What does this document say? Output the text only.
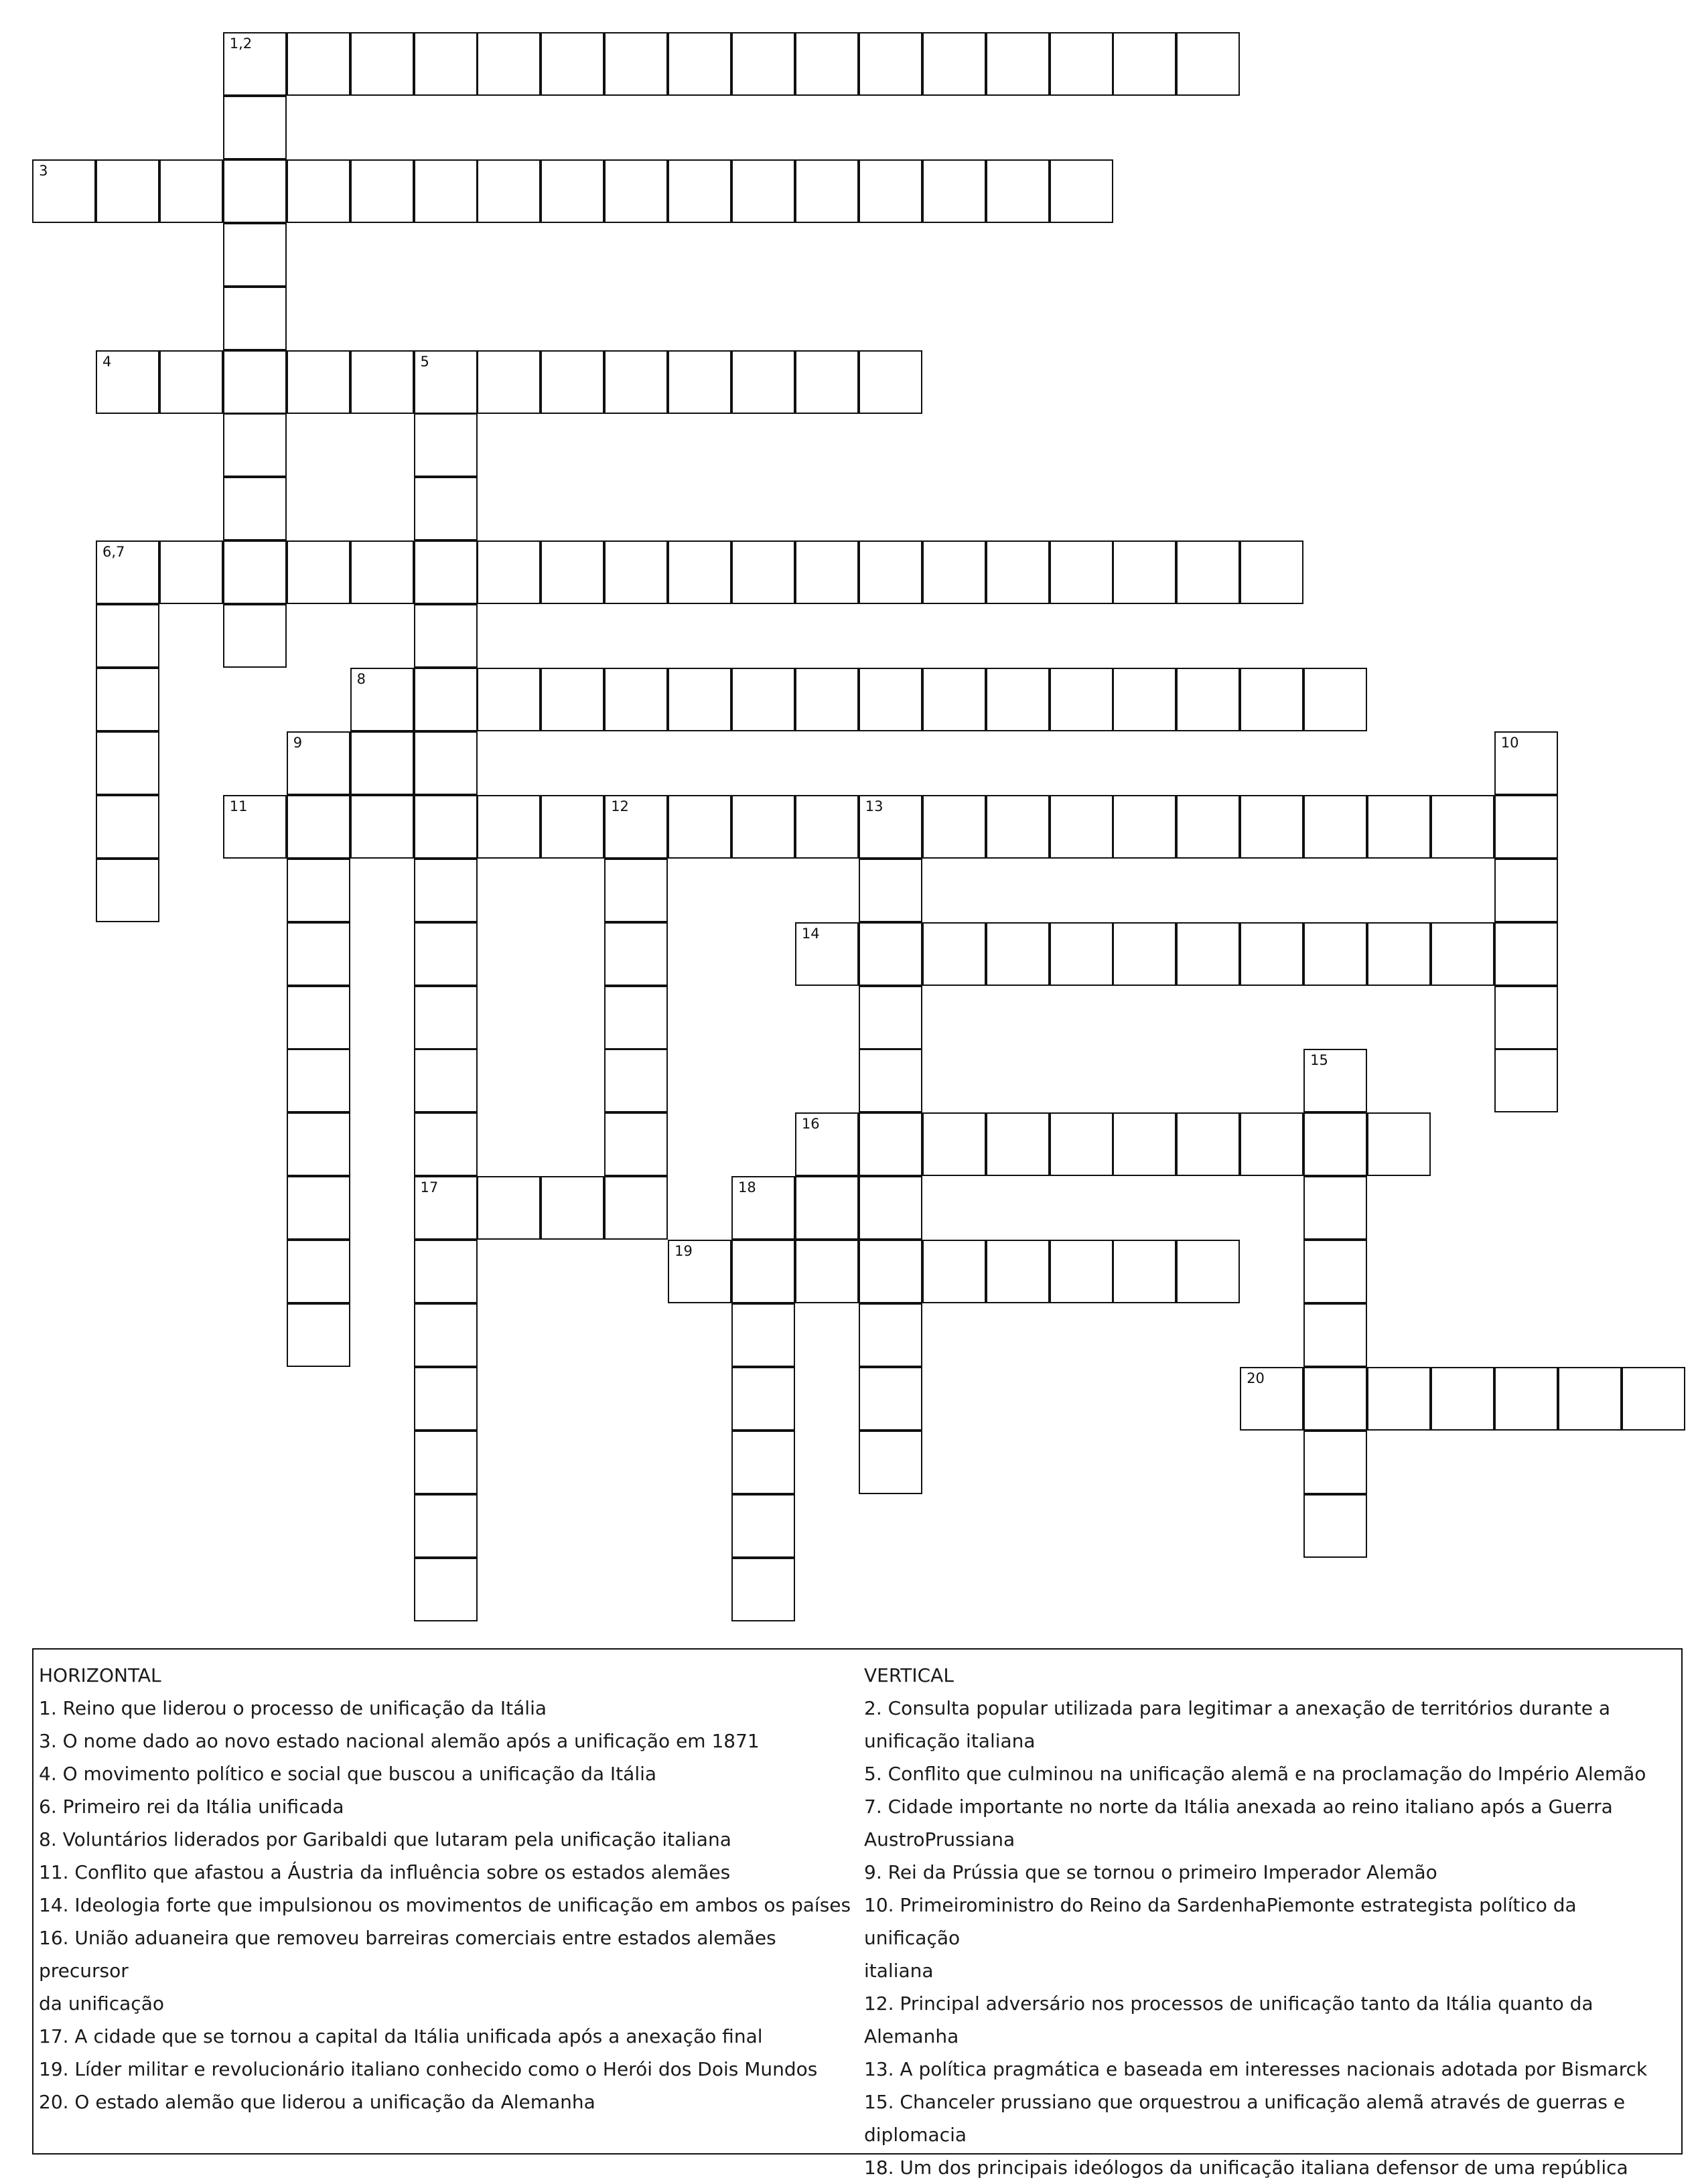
1,2
3
4	5
6,7
8
9	10
11	12	13
14
15
16
17	18
19
20

HORIZONTAL

1. Reino que liderou o processo de unificação da Itália

3. O nome dado ao novo estado nacional alemão após a unificação em 1871

4. O movimento político e social que buscou a unificação da Itália

6. Primeiro rei da Itália unificada

8. Voluntários liderados por Garibaldi que lutaram pela unificação italiana

11. Conflito que afastou a Áustria da influência sobre os estados alemães

14. Ideologia forte que impulsionou os movimentos de unificação em ambos os países

16. União aduaneira que removeu barreiras comerciais entre estados alemães precursor

da unificação

17. A cidade que se tornou a capital da Itália unificada após a anexação final

19. Líder militar e revolucionário italiano conhecido como o Herói dos Dois Mundos

20. O estado alemão que liderou a unificação da Alemanha

VERTICAL

2. Consulta popular utilizada para legitimar a anexação de territórios durante a

unificação italiana

5. Conflito que culminou na unificação alemã e na proclamação do Império Alemão

7. Cidade importante no norte da Itália anexada ao reino italiano após a Guerra

AustroPrussiana

9. Rei da Prússia que se tornou o primeiro Imperador Alemão

10. Primeiroministro do Reino da SardenhaPiemonte estrategista político da unificação

italiana

12. Principal adversário nos processos de unificação tanto da Itália quanto da Alemanha

13. A política pragmática e baseada em interesses nacionais adotada por Bismarck

15. Chanceler prussiano que orquestrou a unificação alemã através de guerras e

diplomacia

18. Um dos principais ideólogos da unificação italiana defensor de uma república
